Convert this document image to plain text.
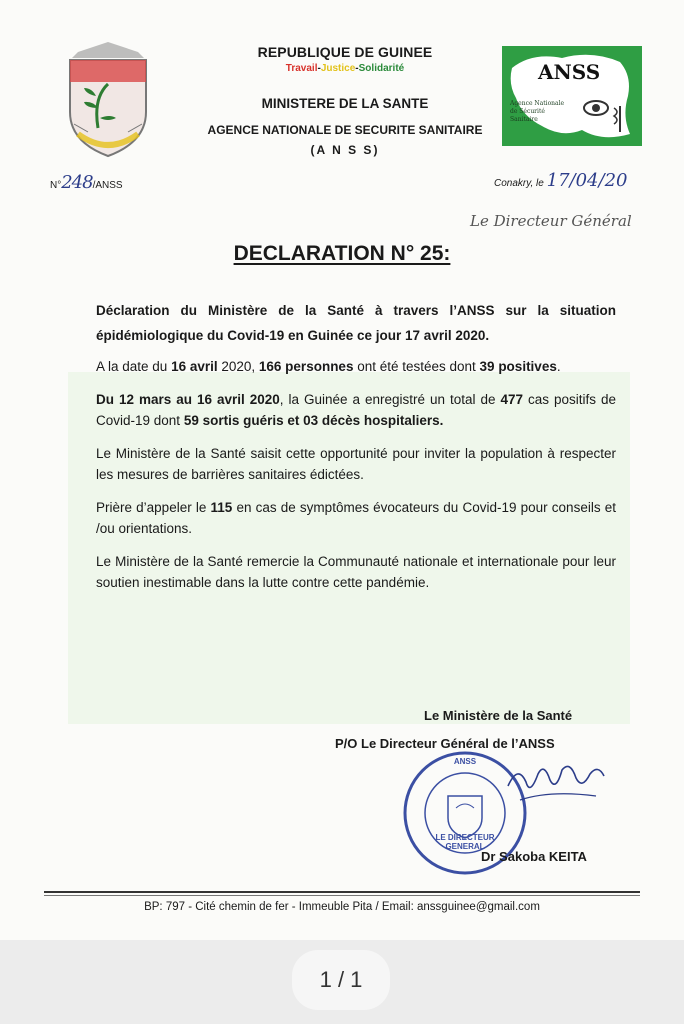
REPUBLIQUE DE GUINEE
Travail-Justice-Solidarité
MINISTERE DE LA SANTE
AGENCE NATIONALE DE SECURITE SANITAIRE
(A N S S)
ANSS
Agence Nationale de Sécurité Sanitaire
N°248/ANSS	Conakry, le 17/04/20
Le Directeur Général
DECLARATION N° 25:

Déclaration du Ministère de la Santé à travers l’ANSS sur la situation épidémiologique du Covid-19 en Guinée ce jour 17 avril 2020.

A la date du 16 avril 2020, 166 personnes ont été testées dont 39 positives.

Du 12 mars au 16 avril 2020, la Guinée a enregistré un total de 477 cas positifs de Covid-19 dont 59 sortis guéris et 03 décès hospitaliers.

Le Ministère de la Santé saisit cette opportunité pour inviter la population à respecter les mesures de barrières sanitaires édictées.

Prière d’appeler le 115 en cas de symptômes évocateurs du Covid-19 pour conseils et /ou orientations.

Le Ministère de la Santé remercie la Communauté nationale et internationale pour leur soutien inestimable dans la lutte contre cette pandémie.

Le Ministère de la Santé
P/O Le Directeur Général de l’ANSS
ANSS
LE DIRECTEUR
GENERAL
Dr Sakoba KEITA
BP: 797 - Cité chemin de fer - Immeuble Pita / Email: anssguinee@gmail.com
1 / 1
